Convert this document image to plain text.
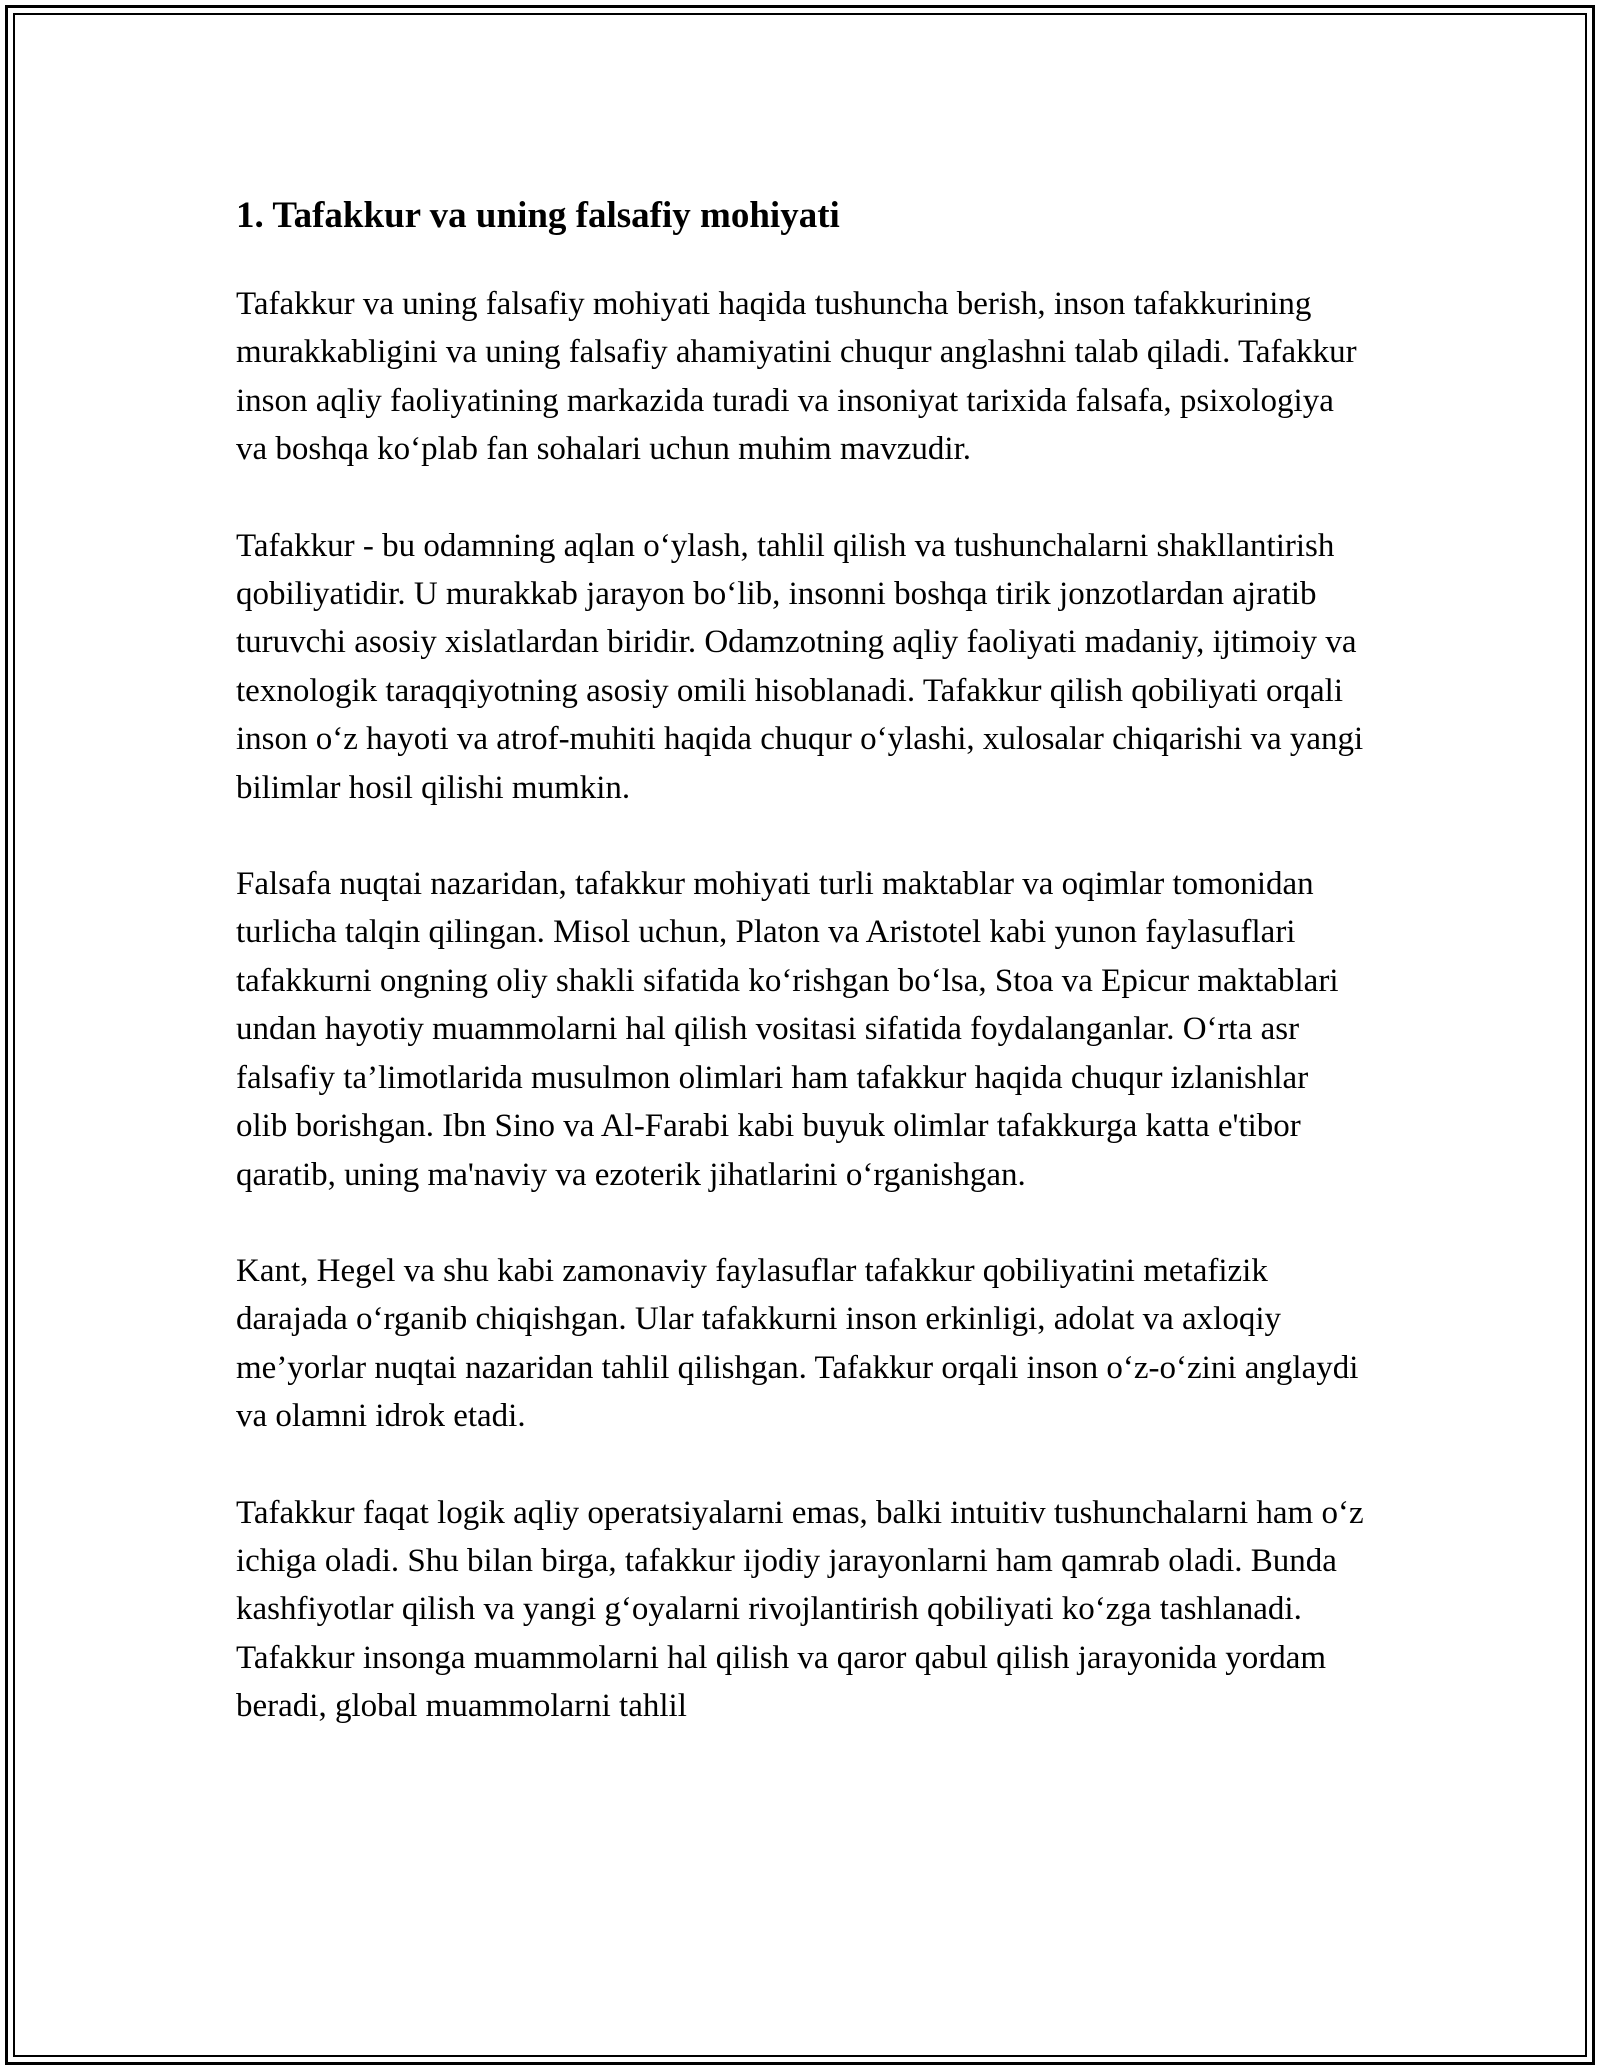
1. Tafakkur va uning falsafiy mohiyati

Tafakkur va uning falsafiy mohiyati haqida tushuncha berish, inson tafakkurining murakkabligini va uning falsafiy ahamiyatini chuqur anglashni talab qiladi. Tafakkur inson aqliy faoliyatining markazida turadi va insoniyat tarixida falsafa, psixologiya va boshqa ko‘plab fan sohalari uchun muhim mavzudir.

Tafakkur - bu odamning aqlan o‘ylash, tahlil qilish va tushunchalarni shakllantirish qobiliyatidir. U murakkab jarayon bo‘lib, insonni boshqa tirik jonzotlardan ajratib turuvchi asosiy xislatlardan biridir. Odamzotning aqliy faoliyati madaniy, ijtimoiy va texnologik taraqqiyotning asosiy omili hisoblanadi. Tafakkur qilish qobiliyati orqali inson o‘z hayoti va atrof-muhiti haqida chuqur o‘ylashi, xulosalar chiqarishi va yangi bilimlar hosil qilishi mumkin.

Falsafa nuqtai nazaridan, tafakkur mohiyati turli maktablar va oqimlar tomonidan turlicha talqin qilingan. Misol uchun, Platon va Aristotel kabi yunon faylasuflari tafakkurni ongning oliy shakli sifatida ko‘rishgan bo‘lsa, Stoa va Epicur maktablari undan hayotiy muammolarni hal qilish vositasi sifatida foydalanganlar. O‘rta asr falsafiy ta’limotlarida musulmon olimlari ham tafakkur haqida chuqur izlanishlar olib borishgan. Ibn Sino va Al-Farabi kabi buyuk olimlar tafakkurga katta e'tibor qaratib, uning ma'naviy va ezoterik jihatlarini o‘rganishgan.

Kant, Hegel va shu kabi zamonaviy faylasuflar tafakkur qobiliyatini metafizik darajada o‘rganib chiqishgan. Ular tafakkurni inson erkinligi, adolat va axloqiy me’yorlar nuqtai nazaridan tahlil qilishgan. Tafakkur orqali inson o‘z-o‘zini anglaydi va olamni idrok etadi.

Tafakkur faqat logik aqliy operatsiyalarni emas, balki intuitiv tushunchalarni ham o‘z ichiga oladi. Shu bilan birga, tafakkur ijodiy jarayonlarni ham qamrab oladi. Bunda kashfiyotlar qilish va yangi g‘oyalarni rivojlantirish qobiliyati ko‘zga tashlanadi. Tafakkur insonga muammolarni hal qilish va qaror qabul qilish jarayonida yordam beradi, global muammolarni tahlil
